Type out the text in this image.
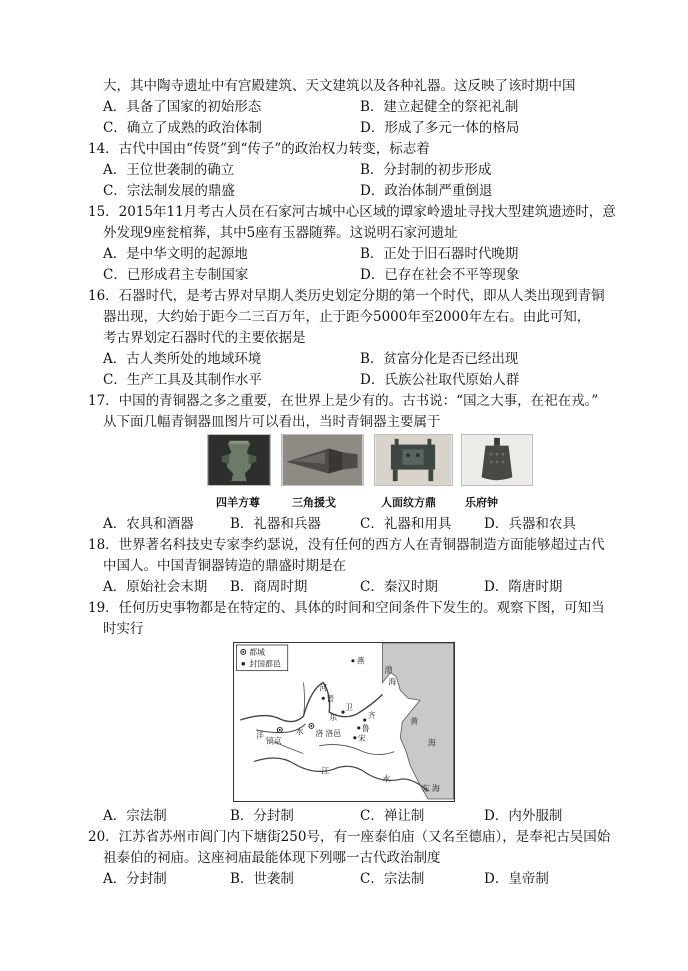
大，其中陶寺遗址中有宫殿建筑、天文建筑以及各种礼器。这反映了该时期中国
A．具备了国家的初始形态	B．建立起健全的祭祀礼制
C．确立了成熟的政治体制	D．形成了多元一体的格局
14．古代中国由“传贤”到“传子”的政治权力转变，标志着
A．王位世袭制的确立	B．分封制的初步形成
C．宗法制发展的鼎盛	D．政治体制严重倒退
15．2015年11月考古人员在石家河古城中心区域的谭家岭遗址寻找大型建筑遗迹时，意
外发现9座瓮棺葬，其中5座有玉器随葬。这说明石家河遗址
A．是中华文明的起源地	B．正处于旧石器时代晚期
C．已形成君主专制国家	D．已存在社会不平等现象
16．石器时代，是考古界对早期人类历史划定分期的第一个时代，即从人类出现到青铜
器出现，大约始于距今二三百万年，止于距今5000年至2000年左右。由此可知，
考古界划定石器时代的主要依据是
A．古人类所处的地域环境	B．贫富分化是否已经出现
C．生产工具及其制作水平	D．氏族公社取代原始人群
17．中国的青铜器之多之重要，在世界上是少有的。古书说：“国之大事，在祀在戎。”
从下面几幅青铜器皿图片可以看出，当时青铜器主要属于
四羊方尊	三角援戈	人面纹方鼎	乐府钟
A．农具和酒器	B．礼器和兵器	C．礼器和用具 D．兵器和农具
18．世界著名科技史专家李约瑟说，没有任何的西方人在青铜器制造方面能够超过古代
中国人。中国青铜器铸造的鼎盛时期是在
A．原始社会末期 B．商周时期	C．秦汉时期	D．隋唐时期
19．任何历史事物都是在特定的、具体的时间和空间条件下发生的。观察下图，可知当
时实行
都城
封国都邑	燕
渤
海
卫
齐
鲁
宋
黄
海
河
东
洛
沣
镐京
洛邑
水
江
水
东 海
晋
A．宗法制	B．分封制	C．禅让制	D．内外服制
20．江苏省苏州市阊门内下塘街250号，有一座泰伯庙（又名至德庙），是奉祀古吴国始
祖泰伯的祠庙。这座祠庙最能体现下列哪一古代政治制度
A．分封制	B．世袭制	C．宗法制	D．皇帝制
